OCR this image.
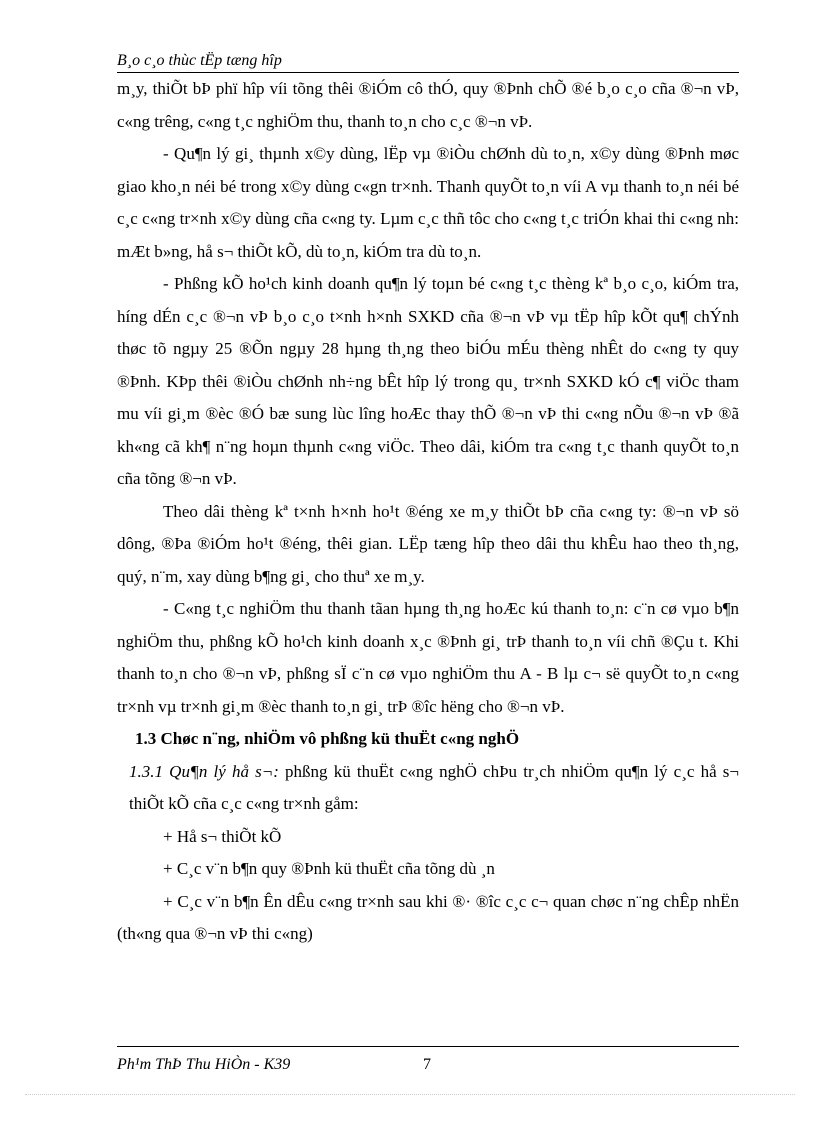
B¸o c¸o thùc tËp tæng hîp

m¸y, thiÕt bÞ phï hîp víi tõng thêi ®iÓm cô thÓ, quy ®Þnh chÕ ®é b¸o c¸o cña ®¬n vÞ, c«ng trêng, c«ng t¸c nghiÖm thu, thanh to¸n cho c¸c ®¬n vÞ.

- Qu¶n lý gi¸ thµnh x©y dùng, lËp vµ ®iÒu chØnh dù to¸n, x©y dùng ®Þnh møc giao kho¸n néi bé trong x©y dùng c«gn tr×nh. Thanh quyÕt to¸n víi A vµ thanh to¸n néi bé c¸c c«ng tr×nh x©y dùng cña c«ng ty. Lµm c¸c thñ tôc cho c«ng t¸c triÓn khai thi c«ng nh: mÆt b»ng, hå s¬ thiÕt kÕ, dù to¸n, kiÓm tra dù to¸n.

- Phßng kÕ ho¹ch kinh doanh qu¶n lý toµn bé c«ng t¸c thèng kª b¸o c¸o, kiÓm tra, híng dÉn c¸c ®¬n vÞ b¸o c¸o t×nh h×nh SXKD cña ®¬n vÞ vµ tËp hîp kÕt qu¶ chÝnh thøc tõ ngµy 25 ®Õn ngµy 28 hµng th¸ng theo biÓu mÉu thèng nhÊt do c«ng ty quy ®Þnh. KÞp thêi ®iÒu chØnh nh÷ng bÊt hîp lý trong qu¸ tr×nh SXKD kÓ c¶ viÖc tham mu víi gi¸m ®èc ®Ó bæ sung lùc lîng hoÆc thay thÕ ®¬n vÞ thi c«ng nÕu ®¬n vÞ ®ã kh«ng cã kh¶ n¨ng hoµn thµnh c«ng viÖc. Theo dâi, kiÓm tra c«ng t¸c thanh quyÕt to¸n cña tõng ®¬n vÞ.

Theo dâi thèng kª t×nh h×nh ho¹t ®éng xe m¸y thiÕt bÞ cña c«ng ty: ®¬n vÞ sö dông, ®Þa ®iÓm ho¹t ®éng, thêi gian. LËp tæng hîp theo dâi thu khÊu hao theo th¸ng, quý, n¨m, xay dùng b¶ng gi¸ cho thuª xe m¸y.

- C«ng t¸c nghiÖm thu thanh tãan hµng th¸ng hoÆc kú thanh to¸n: c¨n cø vµo b¶n nghiÖm thu, phßng kÕ ho¹ch kinh doanh x¸c ®Þnh gi¸ trÞ thanh to¸n víi chñ ®Çu t. Khi thanh to¸n cho ®¬n vÞ, phßng sÏ c¨n cø vµo nghiÖm thu A - B lµ c¬ së quyÕt to¸n c«ng tr×nh vµ tr×nh gi¸m ®èc thanh to¸n gi¸ trÞ ®îc hëng cho ®¬n vÞ.

1.3 Chøc n¨ng, nhiÖm vô phßng kü thuËt c«ng nghÖ

1.3.1 Qu¶n lý hå s¬: phßng kü thuËt c«ng nghÖ chÞu tr¸ch nhiÖm qu¶n lý c¸c hå s¬ thiÕt kÕ cña c¸c c«ng tr×nh gåm:

+ Hå s¬ thiÕt kÕ

+ C¸c v¨n b¶n quy ®Þnh kü thuËt cña tõng dù ¸n

+ C¸c v¨n b¶n Ên dÊu c«ng tr×nh sau khi ®· ®îc c¸c c¬ quan chøc n¨ng chÊp nhËn (th«ng qua ®¬n vÞ thi c«ng)

Ph¹m ThÞ Thu HiÒn - K39	7
